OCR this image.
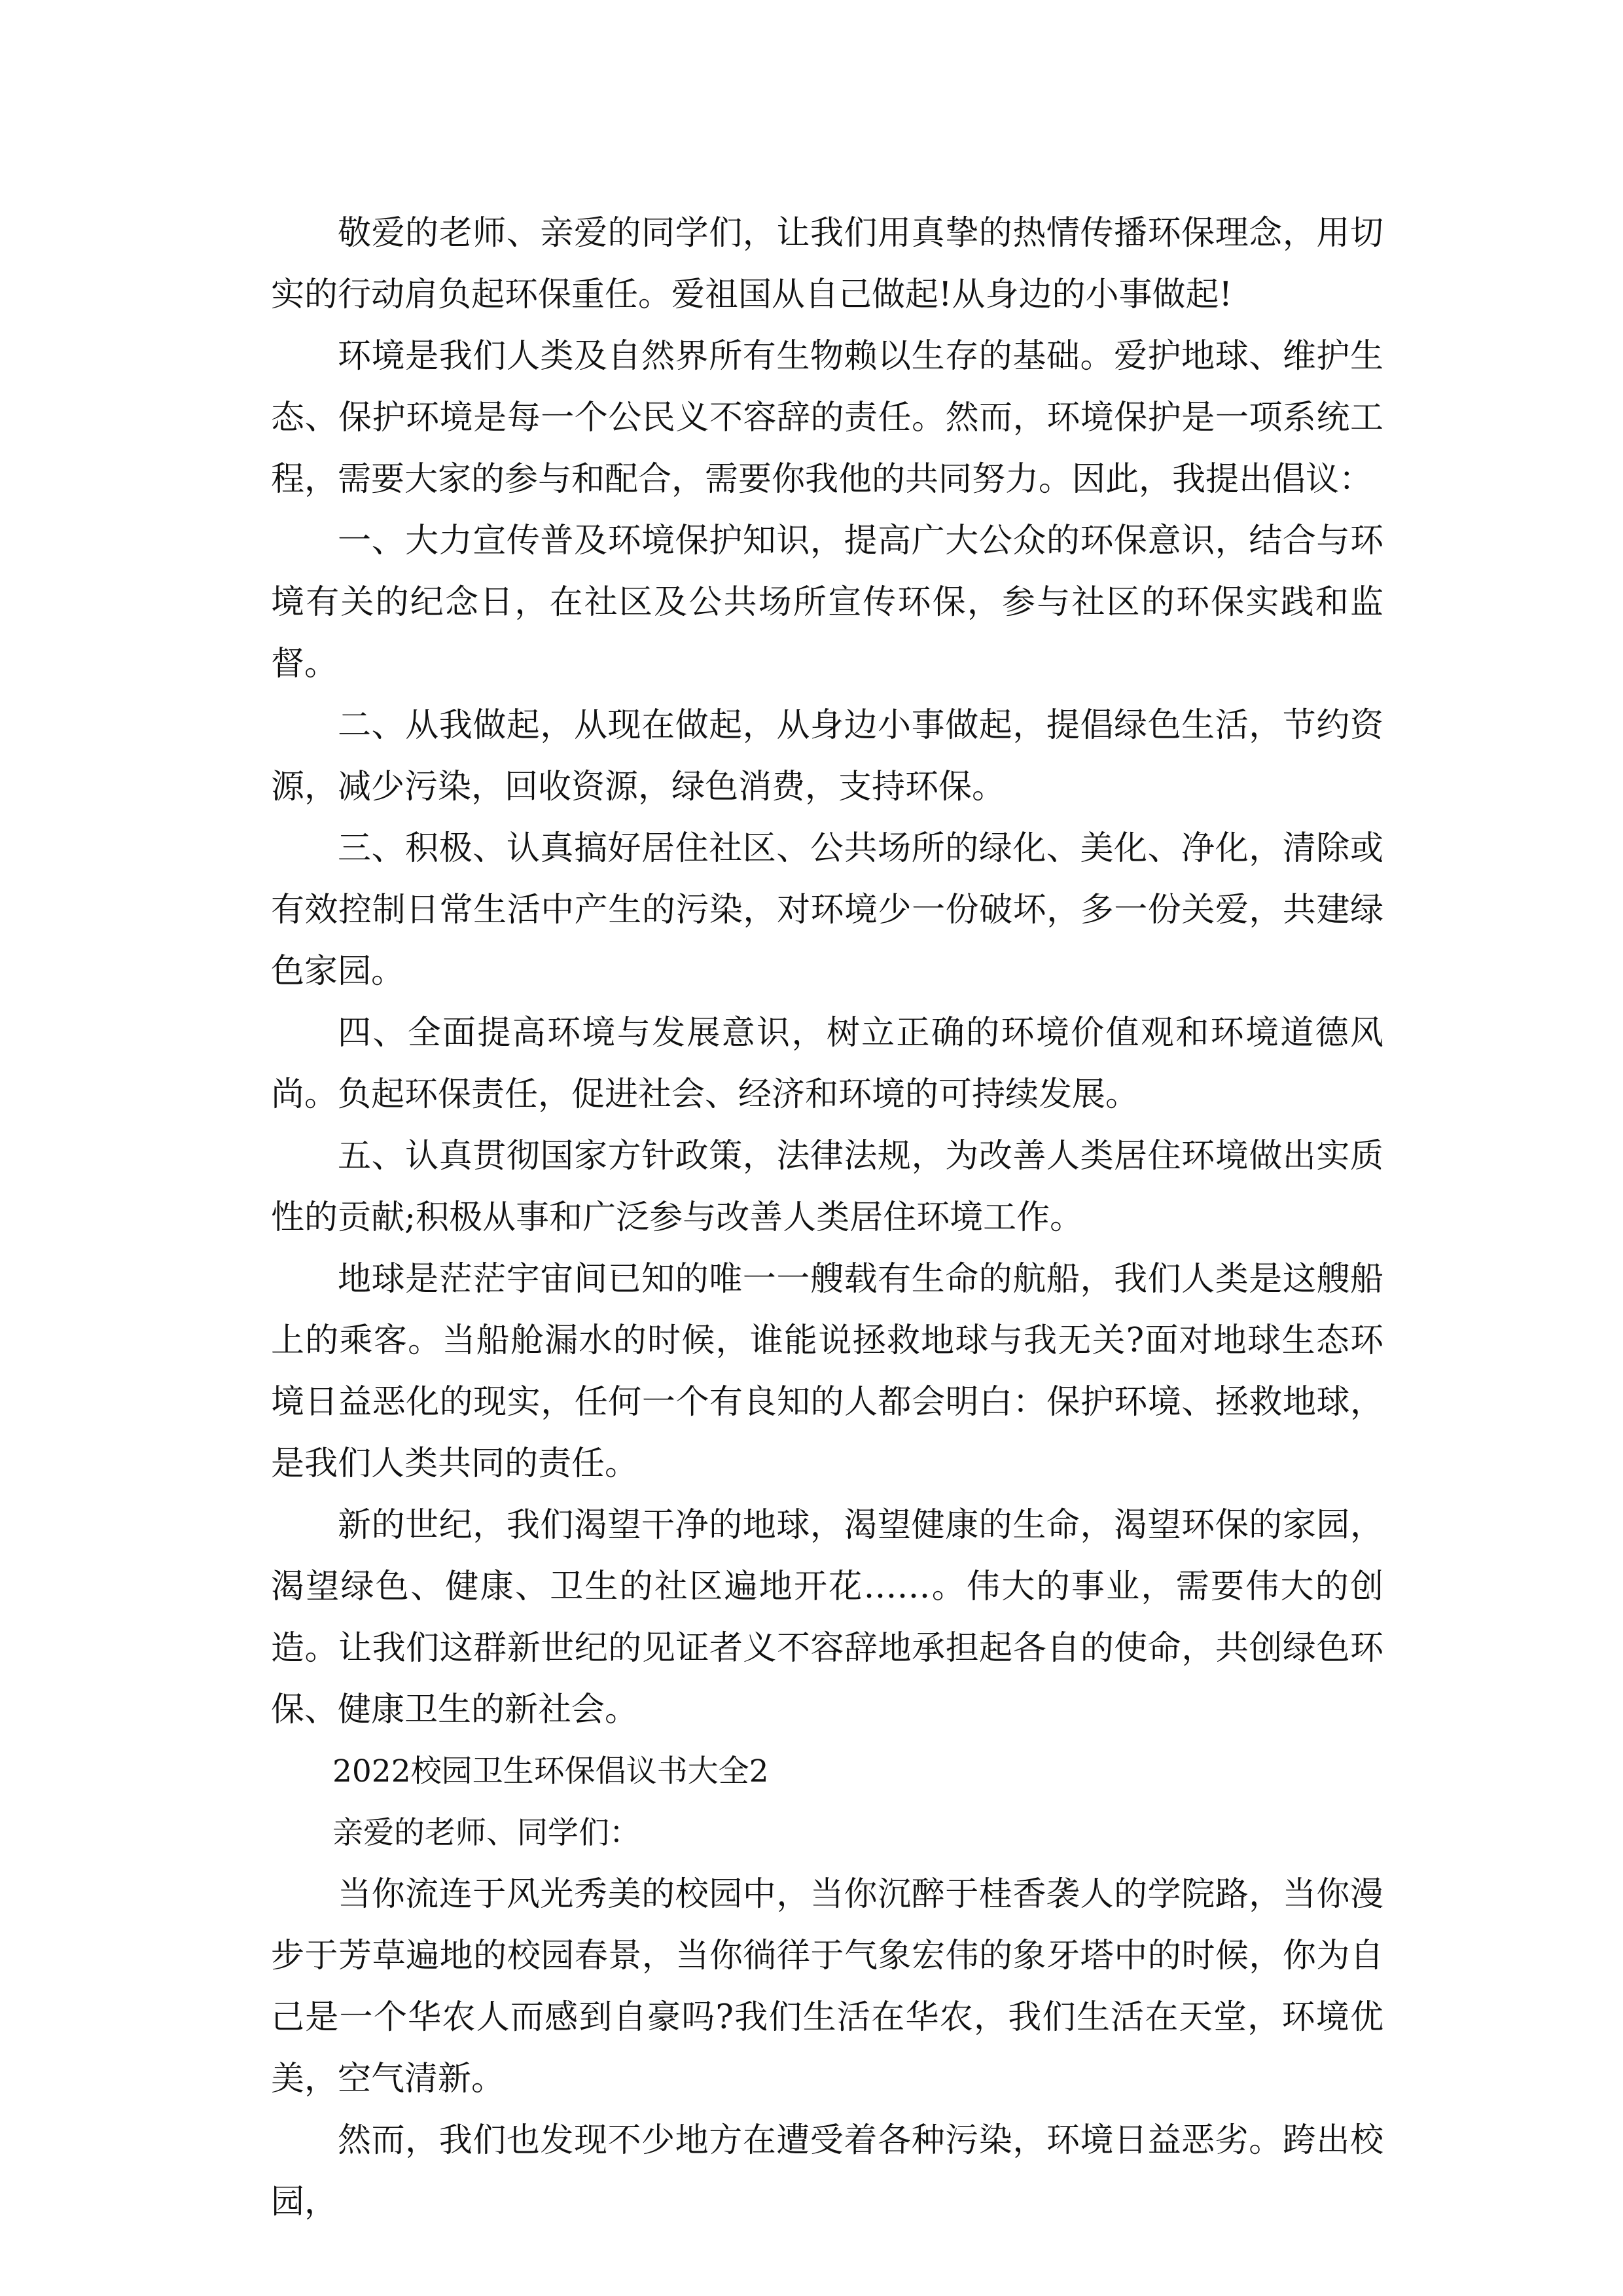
敬爱的老师、亲爱的同学们，让我们用真挚的热情传播环保理念，用切实的行动肩负起环保重任。爱祖国从自己做起!从身边的小事做起!

环境是我们人类及自然界所有生物赖以生存的基础。爱护地球、维护生态、保护环境是每一个公民义不容辞的责任。然而，环境保护是一项系统工程，需要大家的参与和配合，需要你我他的共同努力。因此，我提出倡议：

一、大力宣传普及环境保护知识，提高广大公众的环保意识，结合与环境有关的纪念日，在社区及公共场所宣传环保，参与社区的环保实践和监督。

二、从我做起，从现在做起，从身边小事做起，提倡绿色生活，节约资源，减少污染，回收资源，绿色消费，支持环保。

三、积极、认真搞好居住社区、公共场所的绿化、美化、净化，清除或有效控制日常生活中产生的污染，对环境少一份破坏，多一份关爱，共建绿色家园。

四、全面提高环境与发展意识，树立正确的环境价值观和环境道德风尚。负起环保责任，促进社会、经济和环境的可持续发展。

五、认真贯彻国家方针政策，法律法规，为改善人类居住环境做出实质性的贡献;积极从事和广泛参与改善人类居住环境工作。

地球是茫茫宇宙间已知的唯一一艘载有生命的航船，我们人类是这艘船上的乘客。当船舱漏水的时候，谁能说拯救地球与我无关?面对地球生态环境日益恶化的现实，任何一个有良知的人都会明白：保护环境、拯救地球，是我们人类共同的责任。

新的世纪，我们渴望干净的地球，渴望健康的生命，渴望环保的家园，渴望绿色、健康、卫生的社区遍地开花……。伟大的事业，需要伟大的创造。让我们这群新世纪的见证者义不容辞地承担起各自的使命，共创绿色环保、健康卫生的新社会。

2022校园卫生环保倡议书大全2

亲爱的老师、同学们：

当你流连于风光秀美的校园中，当你沉醉于桂香袭人的学院路，当你漫步于芳草遍地的校园春景，当你徜徉于气象宏伟的象牙塔中的时候，你为自己是一个华农人而感到自豪吗?我们生活在华农，我们生活在天堂，环境优美，空气清新。

然而，我们也发现不少地方在遭受着各种污染，环境日益恶劣。跨出校园，
